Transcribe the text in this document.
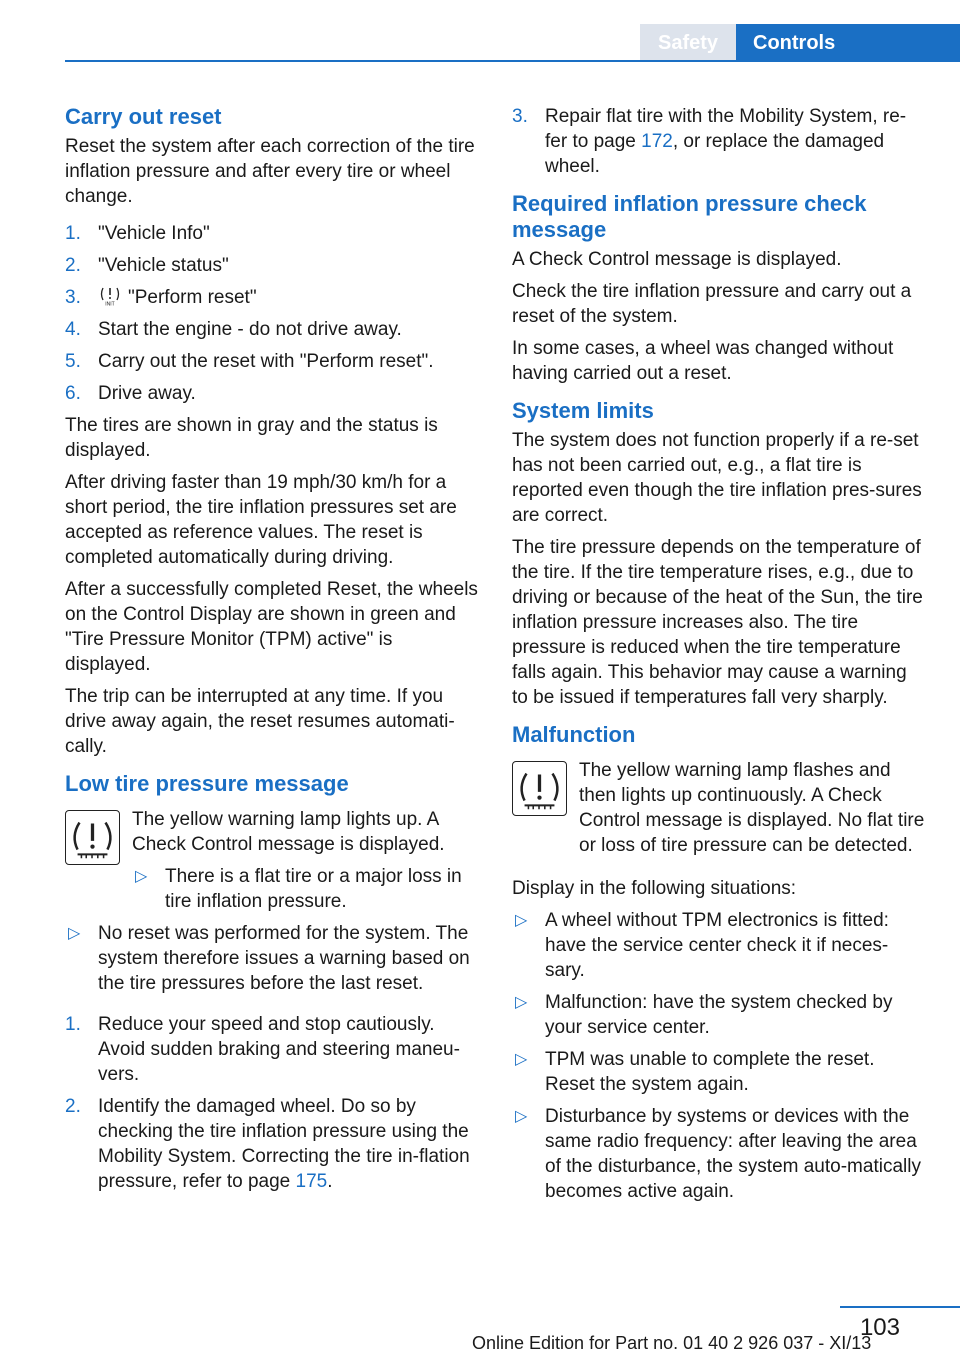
Safety	Controls
Carry out reset

Reset the system after each correction of the tire inflation pressure and after every tire or wheel change.

1. "Vehicle Info"
2. "Vehicle status"
3.	INIT "Perform reset"
4. Start the engine - do not drive away.
5. Carry out the reset with "Perform reset".
6. Drive away.

The tires are shown in gray and the status is displayed.

After driving faster than 19 mph/30 km/h for a short period, the tire inflation pressures set are accepted as reference values. The reset is completed automatically during driving.

After a successfully completed Reset, the wheels on the Control Display are shown in green and "Tire Pressure Monitor (TPM) active" is displayed.

The trip can be interrupted at any time. If you drive away again, the reset resumes automati‐cally.

Low tire pressure message

The yellow warning lamp lights up. A Check Control message is displayed.

▷ There is a flat tire or a major loss in tire inflation pressure.
▷ No reset was performed for the system. The system therefore issues a warning based on the tire pressures before the last reset.
1. Reduce your speed and stop cautiously. Avoid sudden braking and steering maneu‐vers.
2. Identify the damaged wheel. Do so by checking the tire inflation pressure using the Mobility System. Correcting the tire in‐flation pressure, refer to page 175.
3. Repair flat tire with the Mobility System, re‐fer to page 172, or replace the damaged wheel.
Required inflation pressure check message

A Check Control message is displayed.

Check the tire inflation pressure and carry out a reset of the system.

In some cases, a wheel was changed without having carried out a reset.

System limits

The system does not function properly if a re‐set has not been carried out, e.g., a flat tire is reported even though the tire inflation pres‐sures are correct.

The tire pressure depends on the temperature of the tire. If the tire temperature rises, e.g., due to driving or because of the heat of the Sun, the tire inflation pressure increases also. The tire pressure is reduced when the tire temperature falls again. This behavior may cause a warning to be issued if temperatures fall very sharply.

Malfunction

The yellow warning lamp flashes and then lights up continuously. A Check Control message is displayed. No flat tire or loss of tire pressure can be detected.

Display in the following situations:

▷ A wheel without TPM electronics is fitted: have the service center check it if neces‐sary.
▷ Malfunction: have the system checked by your service center.
▷ TPM was unable to complete the reset. Reset the system again.
▷ Disturbance by systems or devices with the same radio frequency: after leaving the area of the disturbance, the system auto‐matically becomes active again.
103
Online Edition for Part no. 01 40 2 926 037 - XI/13
